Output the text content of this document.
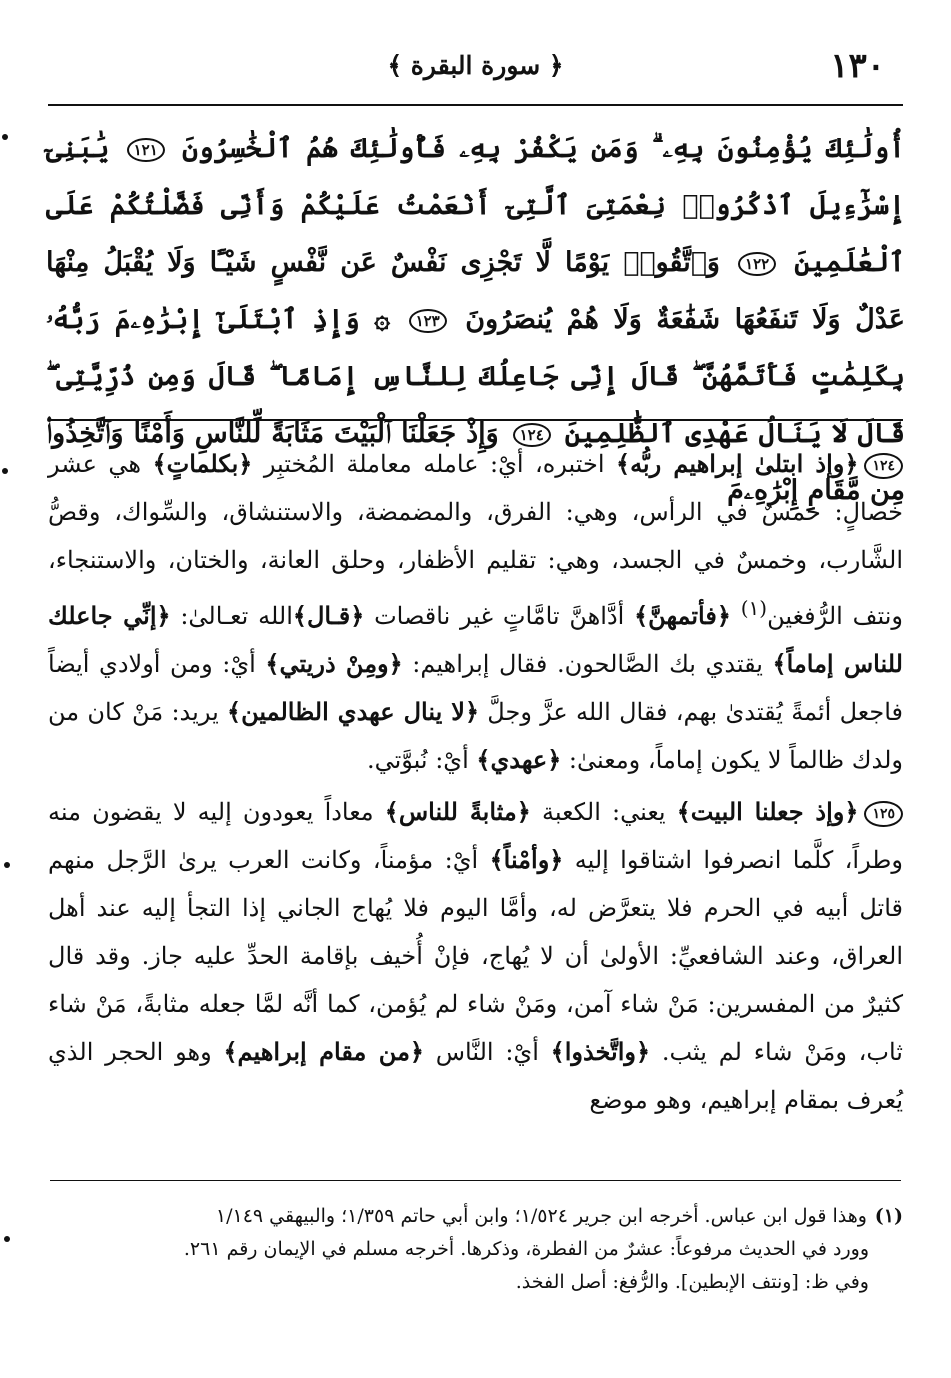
١٣٠
﴿ سورة البقرة ﴾
أُولَٰئِكَ يُؤْمِنُونَ بِهِۦ ۗ وَمَن يَكْفُرْ بِهِۦ فَأُولَٰئِكَ هُمُ ٱلْخَٰسِرُونَ ١٢١ يَٰبَنِىٓ إِسْرَٰٓءِيلَ ٱذْكُرُوا۟ نِعْمَتِىَ ٱلَّتِىٓ أَنْعَمْتُ عَلَيْكُمْ وَأَنِّى فَضَّلْتُكُمْ عَلَى ٱلْعَٰلَمِينَ ١٢٢ وَٱتَّقُوا۟ يَوْمًا لَّا تَجْزِى نَفْسٌ عَن نَّفْسٍ شَيْـًٔا وَلَا يُقْبَلُ مِنْهَا عَدْلٌ وَلَا تَنفَعُهَا شَفَٰعَةٌ وَلَا هُمْ يُنصَرُونَ ١٢٣ ۞ وَإِذِ ٱبْتَلَىٰٓ إِبْرَٰهِۦمَ رَبُّهُۥ بِكَلِمَٰتٍ فَأَتَمَّهُنَّ ۖ قَالَ إِنِّى جَاعِلُكَ لِلنَّاسِ إِمَامًا ۖ قَالَ وَمِن ذُرِّيَّتِى ۖ قَالَ لَا يَنَالُ عَهْدِى ٱلظَّٰلِمِينَ ١٢٤ وَإِذْ جَعَلْنَا ٱلْبَيْتَ مَثَابَةً لِّلنَّاسِ وَأَمْنًا وَٱتَّخِذُوا۟ مِن مَّقَامِ إِبْرَٰهِۦمَ

١٢٤﴿وإذ ابتلىٰ إبراهيم ربُّه﴾ اختبره، أيْ: عامله معاملة المُختبِر ﴿بكلماتٍ﴾ هي عشر خصالٍ: خمسٌ في الرأس، وهي: الفرق، والمضمضة، والاستنشاق، والسِّواك، وقصُّ الشَّارب، وخمسٌ في الجسد، وهي: تقليم الأظفار، وحلق العانة، والختان، والاستنجاء، ونتف الرُّفغين$^{(١)}$ ﴿فأتمهنَّ﴾ أدَّاهنَّ تامَّاتٍ غير ناقصات ﴿قـال﴾الله تعـالىٰ: ﴿إنِّي جاعلك للناس إماماً﴾ يقتدي بك الصَّالحون. فقال إبراهيم: ﴿ومِنْ ذريتي﴾ أيْ: ومن أولادي أيضاً فاجعل أئمةً يُقتدىٰ بهم، فقال الله عزَّ وجلَّ ﴿لا ينال عهدي الظالمين﴾ يريد: مَنْ كان من ولدك ظالماً لا يكون إماماً، ومعنىٰ: ﴿عهدي﴾ أيْ: نُبوَّتي.

١٢٥﴿وإذ جعلنا البيت﴾ يعني: الكعبة ﴿مثابةً للناس﴾ معاداً يعودون إليه لا يقضون منه وطراً، كلَّما انصرفوا اشتاقوا إليه ﴿وأمْناً﴾ أيْ: مؤمناً، وكانت العرب يرىٰ الرَّجل منهم قاتل أبيه في الحرم فلا يتعرَّض له، وأمَّا اليوم فلا يُهاج الجاني إذا التجأ إليه عند أهل العراق، وعند الشافعيِّ: الأولىٰ أن لا يُهاج، فإنْ أُخيف بإقامة الحدِّ عليه جاز. وقد قال كثيرٌ من المفسرين: مَنْ شاء آمن، ومَنْ شاء لم يُؤمن، كما أنَّه لمَّا جعله مثابةً، مَنْ شاء ثاب، ومَنْ شاء لم يثب. ﴿واتَّخذوا﴾ أيْ: النَّاس ﴿من مقام إبراهيم﴾ وهو الحجر الذي يُعرف بمقام إبراهيم، وهو موضع

(١) وهذا قول ابن عباس. أخرجه ابن جرير ١/٥٢٤؛ وابن أبي حاتم ١/٣٥٩؛ والبيهقي ١/١٤٩
وورد في الحديث مرفوعاً: عشرٌ من الفطرة، وذكرها. أخرجه مسلم في الإيمان رقم ٢٦١.
وفي ظ: [ونتف الإبطين]. والرُّفغ: أصل الفخذ.
